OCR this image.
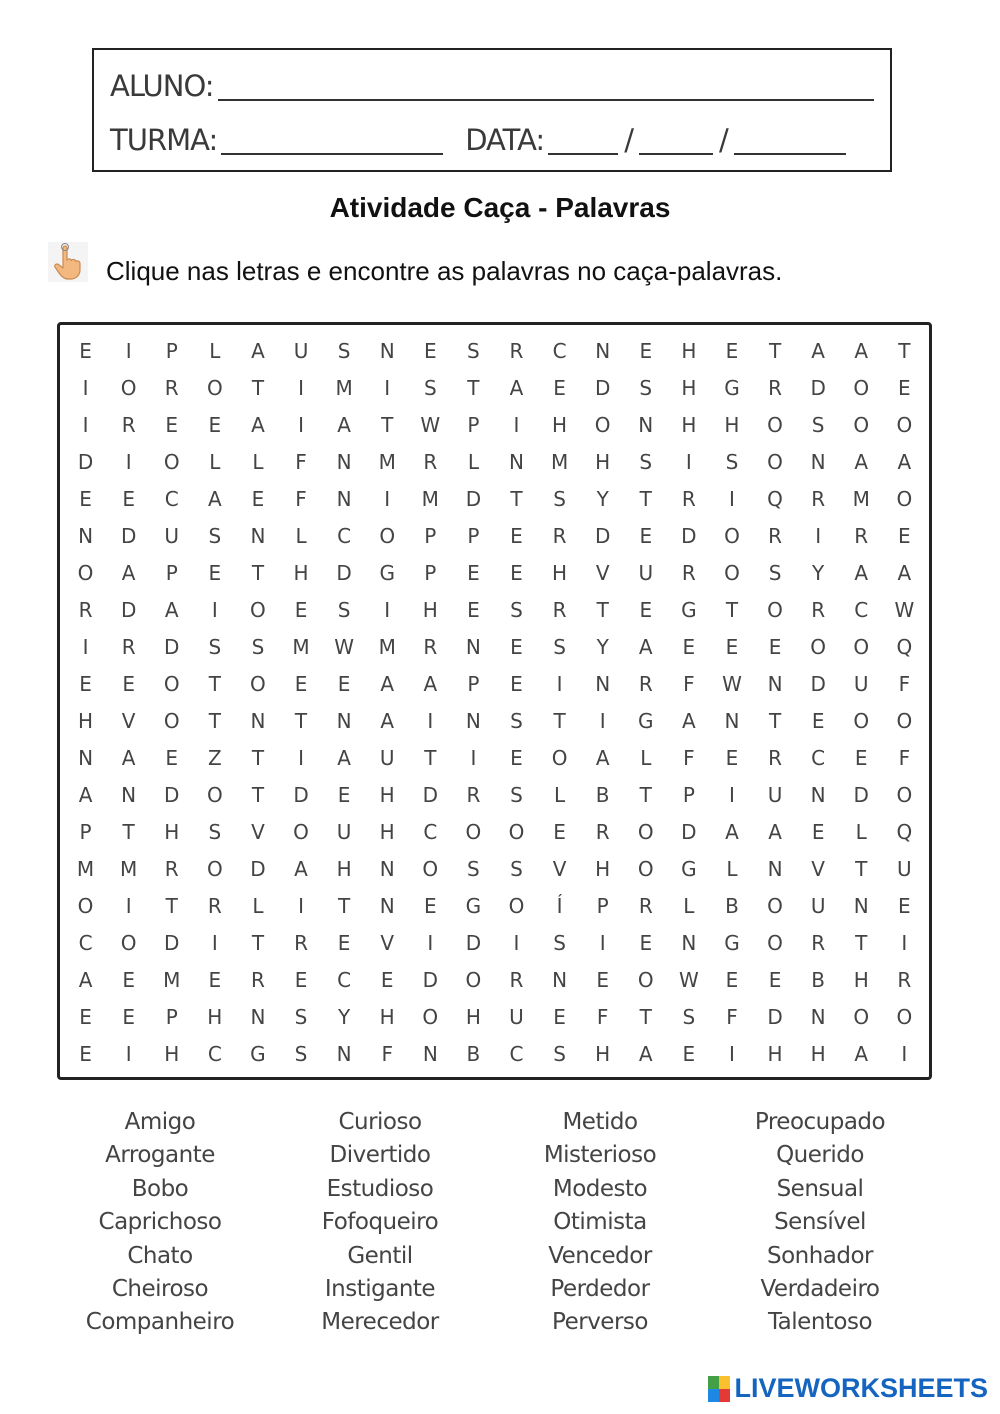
ALUNO:
TURMA:	DATA:	/	/
Atividade Caça - Palavras
Clique nas letras e encontre as palavras no caça-palavras.
E	I	P	L	A	U	S	N	E	S	R	C	N	E	H	E	T	A	A	T
I	O	R	O	T	I	M	I	S	T	A	E	D	S	H	G	R	D	O	E
I	R	E	E	A	I	A	T	W	P	I	H	O	N	H	H	O	S	O	O
D	I	O	L	L	F	N	M	R	L	N	M	H	S	I	S	O	N	A	A
E	E	C	A	E	F	N	I	M	D	T	S	Y	T	R	I	Q	R	M	O
N	D	U	S	N	L	C	O	P	P	E	R	D	E	D	O	R	I	R	E
O	A	P	E	T	H	D	G	P	E	E	H	V	U	R	O	S	Y	A	A
R	D	A	I	O	E	S	I	H	E	S	R	T	E	G	T	O	R	C	W
I	R	D	S	S	M	W	M	R	N	E	S	Y	A	E	E	E	O	O	Q
E	E	O	T	O	E	E	A	A	P	E	I	N	R	F	W	N	D	U	F
H	V	O	T	N	T	N	A	I	N	S	T	I	G	A	N	T	E	O	O
N	A	E	Z	T	I	A	U	T	I	E	O	A	L	F	E	R	C	E	F
A	N	D	O	T	D	E	H	D	R	S	L	B	T	P	I	U	N	D	O
P	T	H	S	V	O	U	H	C	O	O	E	R	O	D	A	A	E	L	Q
M	M	R	O	D	A	H	N	O	S	S	V	H	O	G	L	N	V	T	U
O	I	T	R	L	I	T	N	E	G	O	Í	P	R	L	B	O	U	N	E
C	O	D	I	T	R	E	V	I	D	I	S	I	E	N	G	O	R	T	I
A	E	M	E	R	E	C	E	D	O	R	N	E	O	W	E	E	B	H	R
E	E	P	H	N	S	Y	H	O	H	U	E	F	T	S	F	D	N	O	O
E	I	H	C	G	S	N	F	N	B	C	S	H	A	E	I	H	H	A	I
Amigo
Arrogante
Bobo
Caprichoso
Chato
Cheiroso
Companheiro
Curioso
Divertido
Estudioso
Fofoqueiro
Gentil
Instigante
Merecedor
Metido
Misterioso
Modesto
Otimista
Vencedor
Perdedor
Perverso
Preocupado
Querido
Sensual
Sensível
Sonhador
Verdadeiro
Talentoso
LIVEWORKSHEETS
